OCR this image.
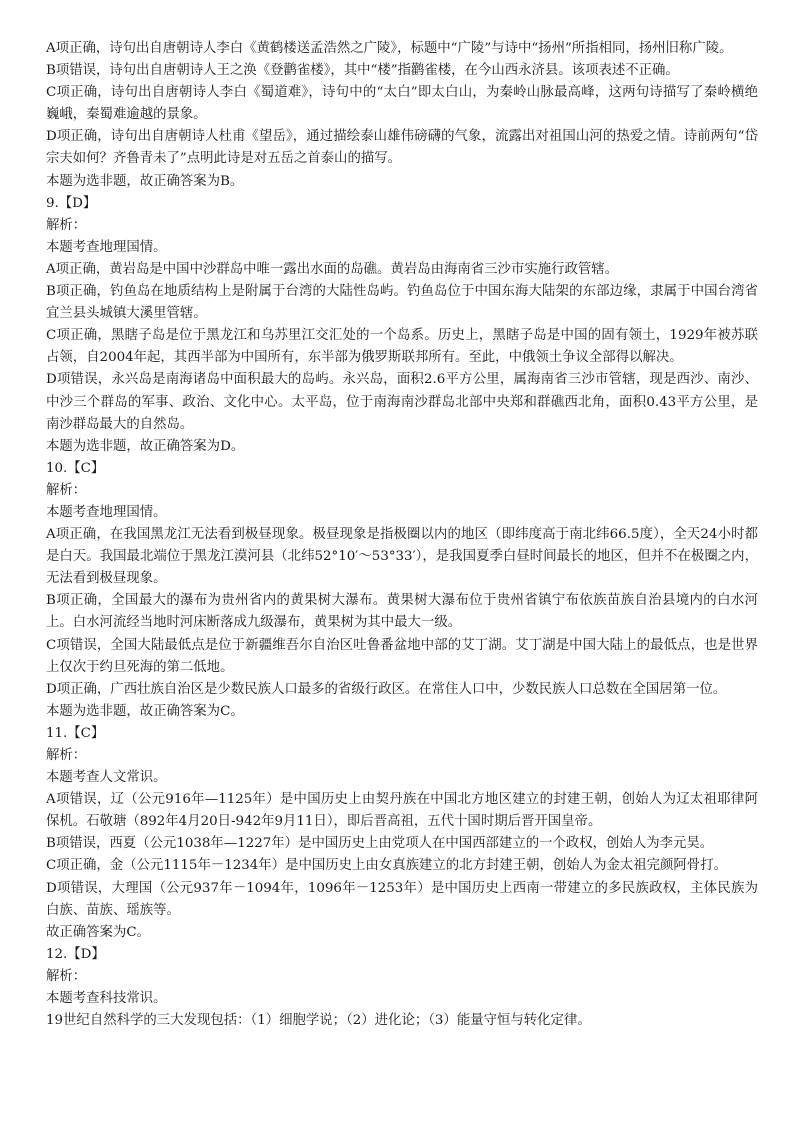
A项正确，诗句出自唐朝诗人李白《黄鹤楼送孟浩然之广陵》，标题中“广陵”与诗中“扬州”所指相同，扬州旧称广陵。

B项错误，诗句出自唐朝诗人王之涣《登鹳雀楼》，其中“楼”指鹳雀楼，在今山西永济县。该项表述不正确。

C项正确，诗句出自唐朝诗人李白《蜀道难》，诗句中的“太白”即太白山，为秦岭山脉最高峰，这两句诗描写了秦岭横绝巍峨，秦蜀难逾越的景象。

D项正确，诗句出自唐朝诗人杜甫《望岳》，通过描绘泰山雄伟磅礴的气象，流露出对祖国山河的热爱之情。诗前两句“岱宗夫如何？齐鲁青未了”点明此诗是对五岳之首泰山的描写。

本题为选非题，故正确答案为B。

9.【D】

解析：

本题考查地理国情。

A项正确，黄岩岛是中国中沙群岛中唯一露出水面的岛礁。黄岩岛由海南省三沙市实施行政管辖。

B项正确，钓鱼岛在地质结构上是附属于台湾的大陆性岛屿。钓鱼岛位于中国东海大陆架的东部边缘，隶属于中国台湾省宜兰县头城镇大溪里管辖。

C项正确，黑瞎子岛是位于黑龙江和乌苏里江交汇处的一个岛系。历史上，黑瞎子岛是中国的固有领土，1929年被苏联占领，自2004年起，其西半部为中国所有，东半部为俄罗斯联邦所有。至此，中俄领土争议全部得以解决。

D项错误，永兴岛是南海诸岛中面积最大的岛屿。永兴岛，面积2.6平方公里，属海南省三沙市管辖，现是西沙、南沙、中沙三个群岛的军事、政治、文化中心。太平岛，位于南海南沙群岛北部中央郑和群礁西北角，面积0.43平方公里，是南沙群岛最大的自然岛。

本题为选非题，故正确答案为D。

10.【C】

解析：

本题考查地理国情。

A项正确，在我国黑龙江无法看到极昼现象。极昼现象是指极圈以内的地区（即纬度高于南北纬66.5度），全天24小时都是白天。我国最北端位于黑龙江漠河县（北纬52°10′～53°33′），是我国夏季白昼时间最长的地区，但并不在极圈之内，无法看到极昼现象。

B项正确，全国最大的瀑布为贵州省内的黄果树大瀑布。黄果树大瀑布位于贵州省镇宁布依族苗族自治县境内的白水河上。白水河流经当地时河床断落成九级瀑布，黄果树为其中最大一级。

C项错误，全国大陆最低点是位于新疆维吾尔自治区吐鲁番盆地中部的艾丁湖。艾丁湖是中国大陆上的最低点，也是世界上仅次于约旦死海的第二低地。

D项正确，广西壮族自治区是少数民族人口最多的省级行政区。在常住人口中，少数民族人口总数在全国居第一位。

本题为选非题，故正确答案为C。

11.【C】

解析：

本题考查人文常识。

A项错误，辽（公元916年—1125年）是中国历史上由契丹族在中国北方地区建立的封建王朝，创始人为辽太祖耶律阿保机。石敬瑭（892年4月20日-942年9月11日），即后晋高祖，五代十国时期后晋开国皇帝。

B项错误，西夏（公元1038年—1227年）是中国历史上由党项人在中国西部建立的一个政权，创始人为李元昊。

C项正确，金（公元1115年－1234年）是中国历史上由女真族建立的北方封建王朝，创始人为金太祖完颜阿骨打。

D项错误，大理国（公元937年－1094年，1096年－1253年）是中国历史上西南一带建立的多民族政权，主体民族为白族、苗族、瑶族等。

故正确答案为C。

12.【D】

解析：

本题考查科技常识。

19世纪自然科学的三大发现包括：（1）细胞学说；（2）进化论；（3）能量守恒与转化定律。
